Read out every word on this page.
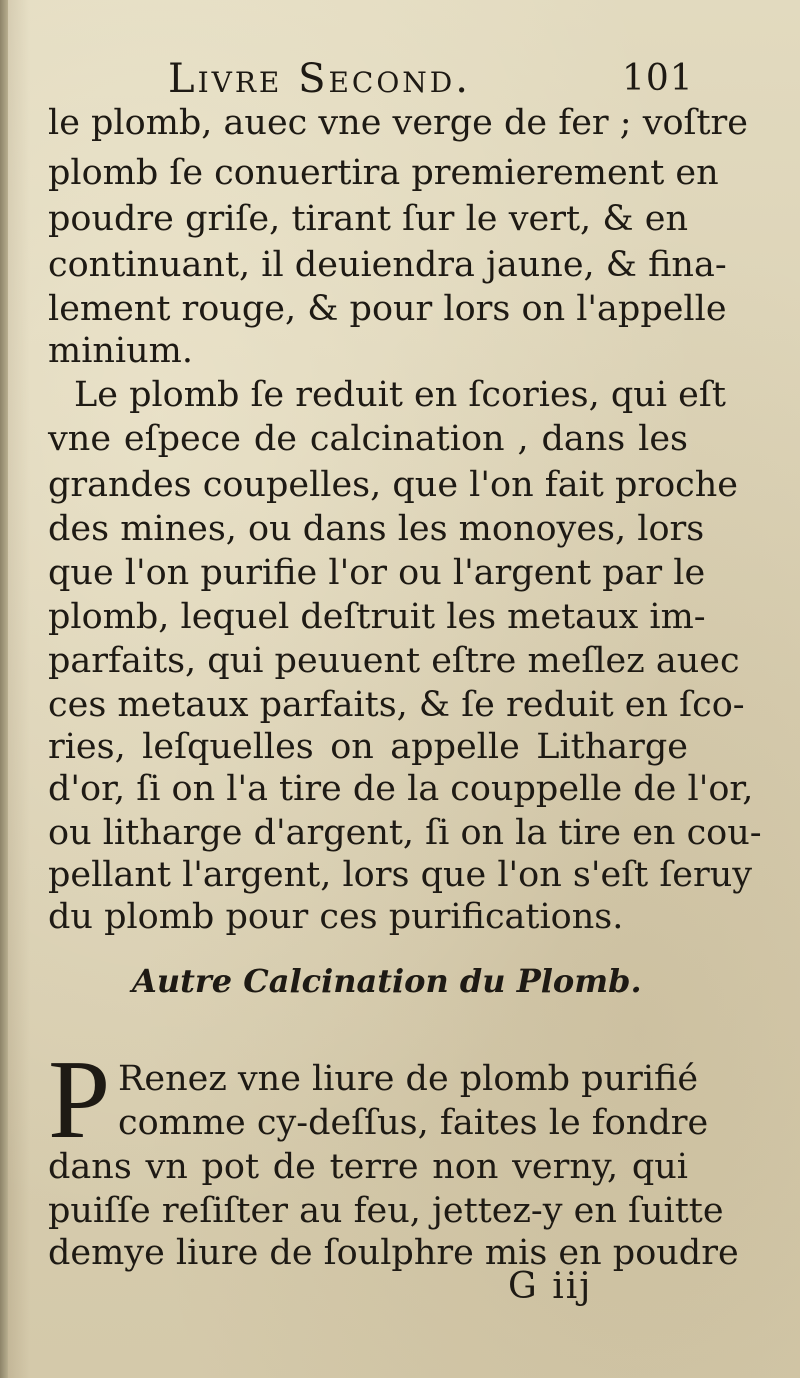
Livre Second.	101
le plomb, auec vne verge de fer ; voſtre
plomb ſe conuertira premierement en
poudre griſe, tirant ſur le vert, & en
continuant, il deuiendra jaune, & fina-
lement rouge, & pour lors on l'appelle
minium.
Le plomb ſe reduit en ſcories, qui eſt
vne eſpece de calcination , dans les
grandes coupelles, que l'on fait proche
des mines, ou dans les monoyes, lors
que l'on purifie l'or ou l'argent par le
plomb, lequel deſtruit les metaux im-
parfaits, qui peuuent eſtre meſlez auec
ces metaux parfaits, & ſe reduit en ſco-
ries, leſquelles on appelle Litharge
d'or, ſi on l'a tire de la couppelle de l'or,
ou litharge d'argent, ſi on la tire en cou-
pellant l'argent, lors que l'on s'eſt ſeruy
du plomb pour ces purifications.
Autre Calcination du Plomb.
P Renez vne liure de plomb purifié
comme cy-deſſus, faites le fondre
dans vn pot de terre non verny, qui
puiſſe reſiſter au feu, jettez-y en ſuitte
demye liure de ſoulphre mis en poudre
G iij
